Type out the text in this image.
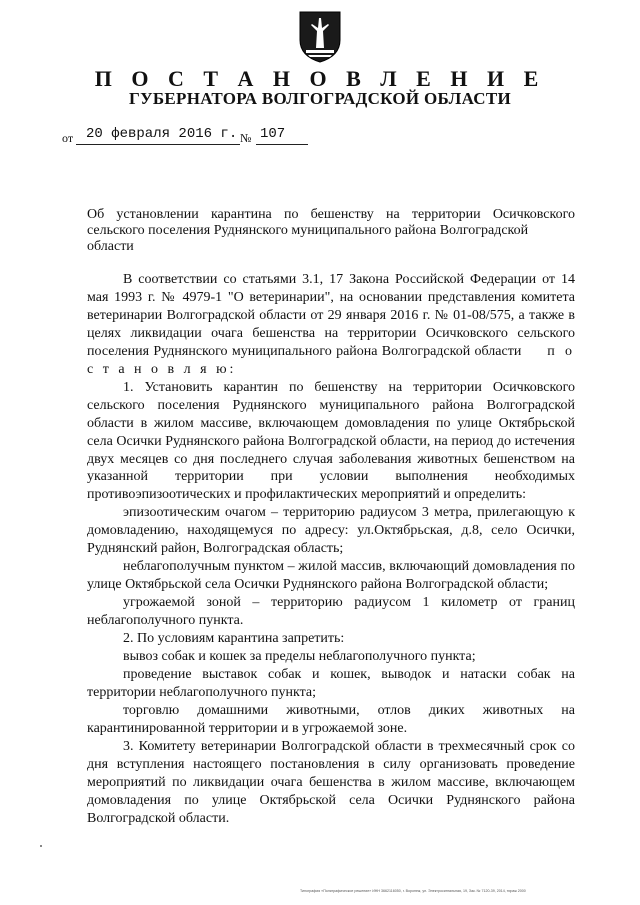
П О С Т А Н О В Л Е Н И Е
ГУБЕРНАТОРА ВОЛГОГРАДСКОЙ ОБЛАСТИ
от 20 февраля 2016 г. № 107
Об установлении карантина по бешенству на территории Осичковского
сельского поселения Руднянского муниципального района Волгоградской области

В соответствии со статьями 3.1, 17 Закона Российской Федерации от 14 мая 1993 г. № 4979-1 "О ветеринарии", на основании представления комитета ветеринарии Волгоградской области от 29 января 2016 г. № 01-08/575, а также в целях ликвидации очага бешенства на территории Осичковского сельского поселения Руднянского муниципального района Волгоградской области п о с т а н о в л я ю:

1. Установить карантин по бешенству на территории Осичковского сельского поселения Руднянского муниципального района Волгоградской области в жилом массиве, включающем домовладения по улице Октябрьской села Осички Руднянского района Волгоградской области, на период до истечения двух месяцев со дня последнего случая заболевания животных бешенством на указанной территории при условии выполнения необходимых противоэпизоотических и профилактических мероприятий и определить:

эпизоотическим очагом – территорию радиусом 3 метра, прилегающую к домовладению, находящемуся по адресу: ул.Октябрьская, д.8, село Осички, Руднянский район, Волгоградская область;

неблагополучным пунктом – жилой массив, включающий домовладения по улице Октябрьской села Осички Руднянского района Волгоградской области;

угрожаемой зоной – территорию радиусом 1 километр от границ неблагополучного пункта.

2. По условиям карантина запретить:

вывоз собак и кошек за пределы неблагополучного пункта;

проведение выставок собак и кошек, выводок и натаски собак на территории неблагополучного пункта;

торговлю домашними животными, отлов диких животных на карантинированной территории и в угрожаемой зоне.

3. Комитету ветеринарии Волгоградской области в трехмесячный срок со дня вступления настоящего постановления в силу организовать проведение мероприятий по ликвидации очага бешенства в жилом массиве, включающем домовладения по улице Октябрьской села Осички Руднянского района Волгоградской области.

Типография «Полиграфическое решение» ИНН 3662116050, г. Воронеж, ул. Электросигнальная, 19, Зак. № 7120-39, 2014, тираж 2000
